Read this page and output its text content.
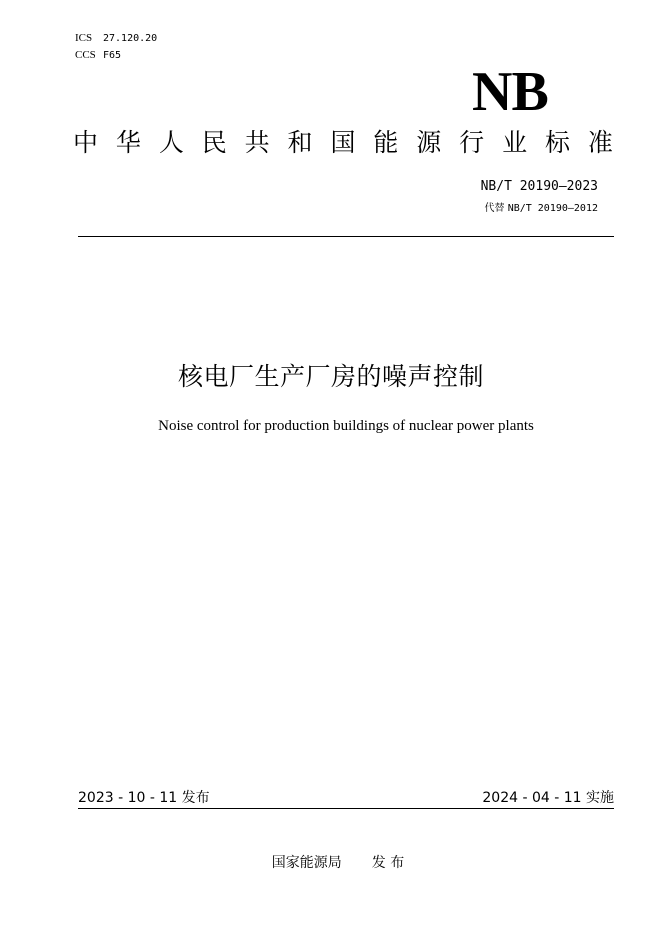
ICS 27.120.20
CCS F65
NB
中 华 人 民 共 和 国 能 源 行 业 标 准
NB/T 20190—2023
代替 NB/T 20190—2012
核电厂生产厂房的噪声控制
Noise control for production buildings of nuclear power plants
2023 - 10 - 11 发布	2024 - 04 - 11 实施
国家能源局 发 布
